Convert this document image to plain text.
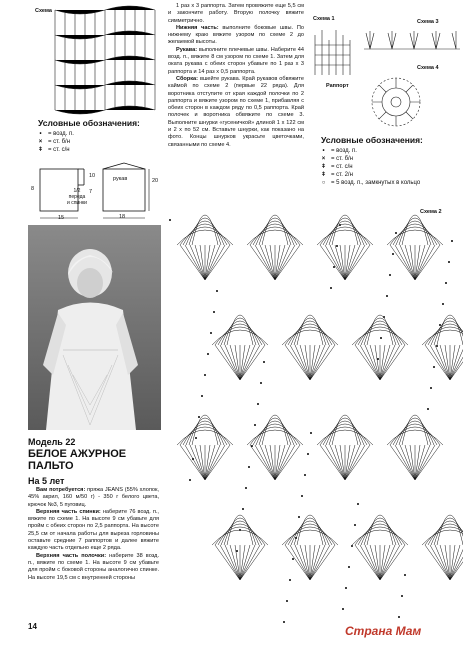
Схема
Условные обозначения:
•	= возд. п.
× = ст. б/н
ǂ = ст. с/н
8
10
7
15
20
18
1/2
переда
и спинки
рукав
Модель 22
БЕЛОЕ АЖУРНОЕ
ПАЛЬТО
На 5 лет

Вам потребуется: пряжа JEANS (55% хлопок, 45% акрил, 160 м/50 г) - 350 г белого цвета, крючок №3, 5 пуговиц.

Верхняя часть спинки: наберите 76 возд. п., вяжите по схеме 1. На высоте 9 см убавьте для пройм с обеих сторон по 2,5 раппорта. На высоте 25,5 см от начала работы для выреза горловины оставьте средние 7 раппортов и далее вяжите каждую часть отдельно еще 2 ряда.

Верхняя часть полочки: наберите 38 возд. п., вяжите по схеме 1. На высоте 9 см убавьте для пройм с боковой стороны аналогично спинке. На высоте 19,5 см с внутренней стороны

1 раз х 3 раппорта. Затем провяжите еще 5,5 см и закончите работу. Вторую полочку вяжите симметрично.

Нижняя часть: выполните боковые швы. По нижнему краю вяжите узором по схеме 2 до желаемой высоты.

Рукава: выполните плечевые швы. Наберите 44 возд. п., вяжите 8 см узором по схеме 1. Затем для оката рукава с обеих сторон убавьте по 1 раз х 3 раппорта и 14 раз х 0,5 раппорта.

Сборка: вшейте рукава. Край рукавов обвяжите каймой по схеме 2 (первые 22 ряда). Для воротника отступите от края каждой полочки по 2 раппорта и вяжите узором по схеме 1, прибавляя с обеих сторон в каждом ряду по 0,5 раппорта. Край полочек и воротника обвяжите по схеме 3. Выполните шнурки «гусеничкой» длиной 1 х 122 см и 2 х по 52 см. Вставьте шнурки, как показано на фото. Концы шнурков украсьте цветочками, связанными по схеме 4.

Схема 1	Схема 3
Схема 4
Раппорт
Условные обозначения:
•	= возд. п.
× = ст. б/н
ǂ = ст. с/н
ǂ = ст. 2/н
○ = 5 возд. п., замкнутых в кольцо
Схема 2
14	Страна Мам
